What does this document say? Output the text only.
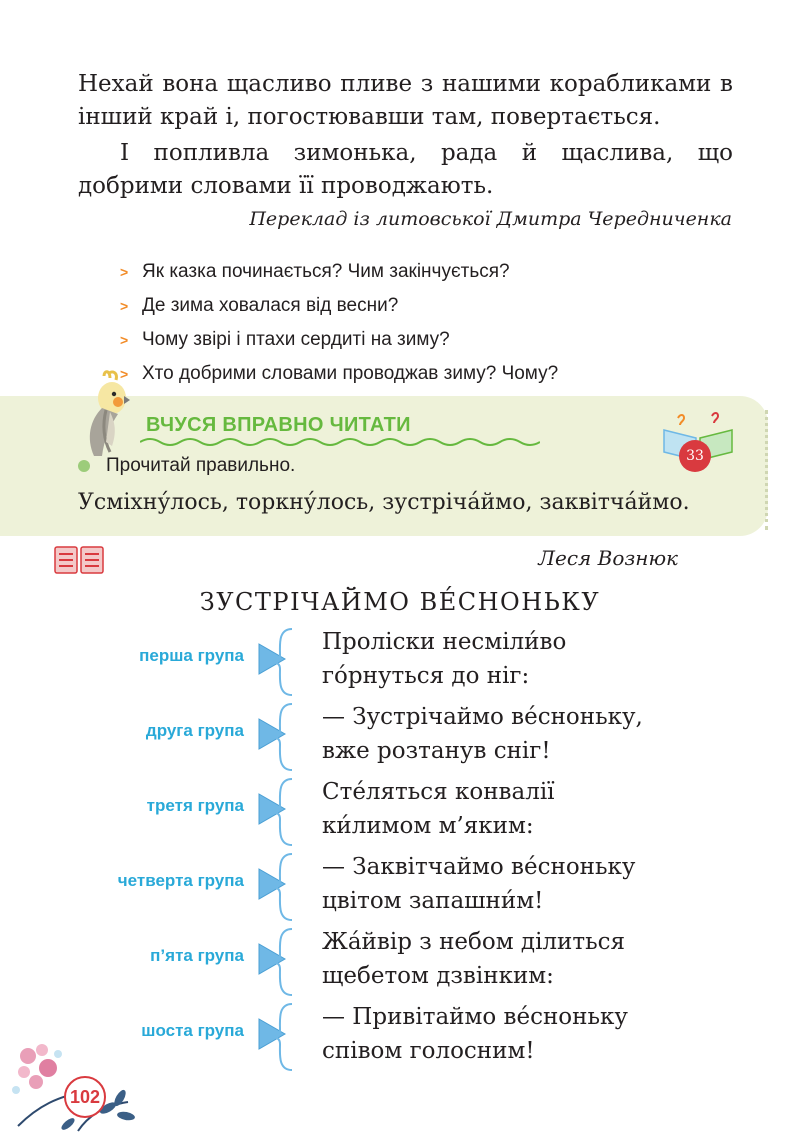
Нехай вона щасливо пливе з нашими корабликами в інший край і, погостювавши там, повертається.

І попливла зимонька, рада й щаслива, що добрими словами її проводжають.

Переклад із литовської Дмитра Чередниченка
> Як казка починається? Чим закінчується?
> Де зима ховалася від весни?
> Чому звірі і птахи сердиті на зиму?
> Хто добрими словами проводжав зиму? Чому?
ВЧУСЯ ВПРАВНО ЧИТАТИ
33
Прочитай правильно.
Усміхну́лось, торкну́лось, зустріча́ймо, заквітча́ймо.
Леся Вознюк
ЗУСТРІЧАЙМО ВЕ́СНОНЬКУ
перша група
Проліски несміли́во
го́рнуться до ніг:
друга група
— Зустрічаймо ве́сноньку,
вже розтанув сніг!
третя група
Сте́ляться конвалії
ки́лимом м’яким:
четверта група
— Заквітчаймо ве́сноньку
цвітом запашни́м!
п’ята група
Жа́йвір з небом ділиться
щебетом дзвінким:
шоста група
— Привітаймо ве́сноньку
співом голосним!
102
